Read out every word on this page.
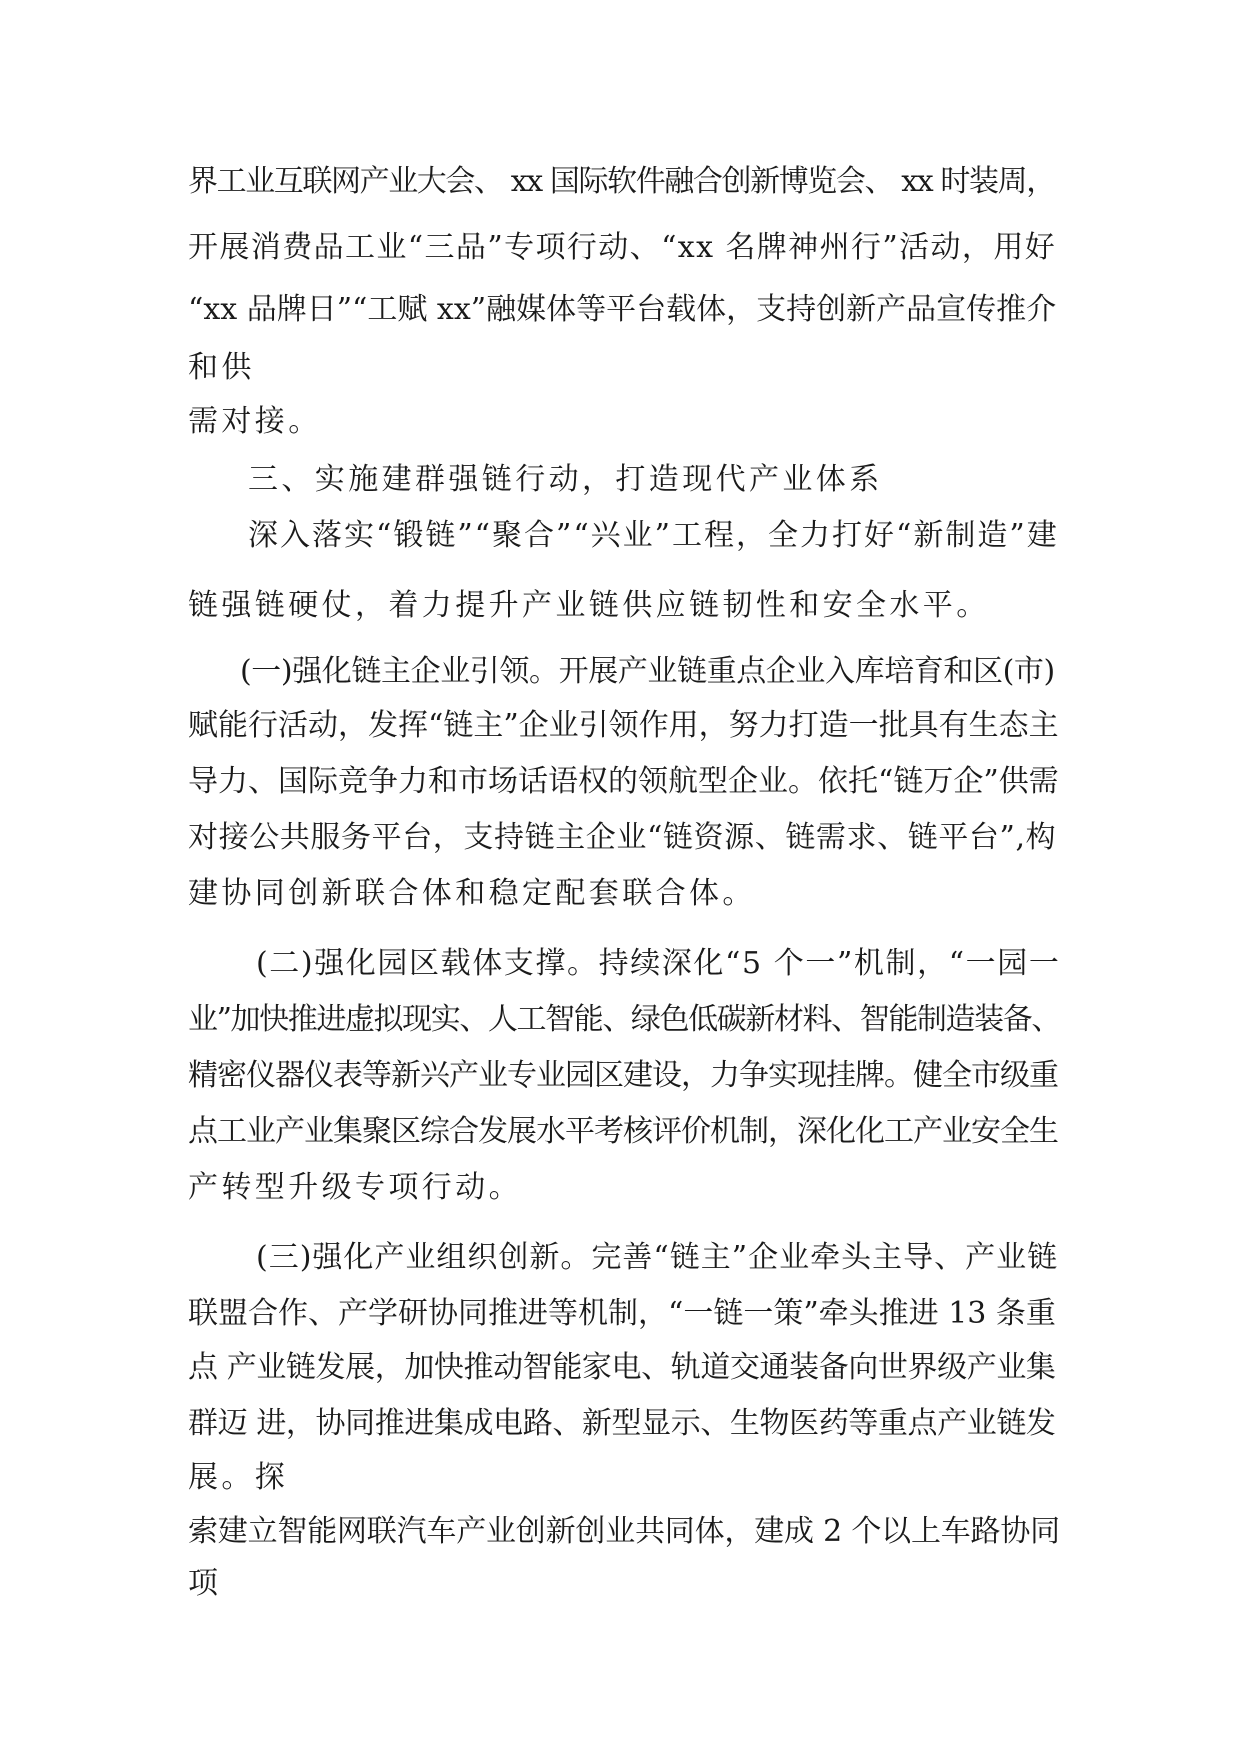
界工业互联网产业大会、 xx 国际软件融合创新博览会、 xx 时装周，

开展消费品工业“三品”专项行动、“xx 名牌神州行”活动，用好

“xx 品牌日”“工赋 xx”融媒体等平台载体，支持创新产品宣传推介

和供

需对接。

三、实施建群强链行动，打造现代产业体系

深入落实“锻链”“聚合”“兴业”工程，全力打好“新制造”建

链强链硬仗，着力提升产业链供应链韧性和安全水平。

(一)强化链主企业引领。开展产业链重点企业入库培育和区(市)

赋能行活动，发挥“链主”企业引领作用，努力打造一批具有生态主

导力、国际竞争力和市场话语权的领航型企业。依托“链万企”供需

对接公共服务平台，支持链主企业“链资源、链需求、链平台”,构

建协同创新联合体和稳定配套联合体。

(二)强化园区载体支撑。持续深化“5 个一”机制，“一园一

业”加快推进虚拟现实、人工智能、绿色低碳新材料、智能制造装备、

精密仪器仪表等新兴产业专业园区建设，力争实现挂牌。健全市级重

点工业产业集聚区综合发展水平考核评价机制，深化化工产业安全生

产转型升级专项行动。

(三)强化产业组织创新。完善“链主”企业牵头主导、产业链

联盟合作、产学研协同推进等机制，“一链一策”牵头推进 13 条重

点 产业链发展，加快推动智能家电、轨道交通装备向世界级产业集

群迈 进，协同推进集成电路、新型显示、生物医药等重点产业链发

展。探

索建立智能网联汽车产业创新创业共同体，建成 2 个以上车路协同

项
